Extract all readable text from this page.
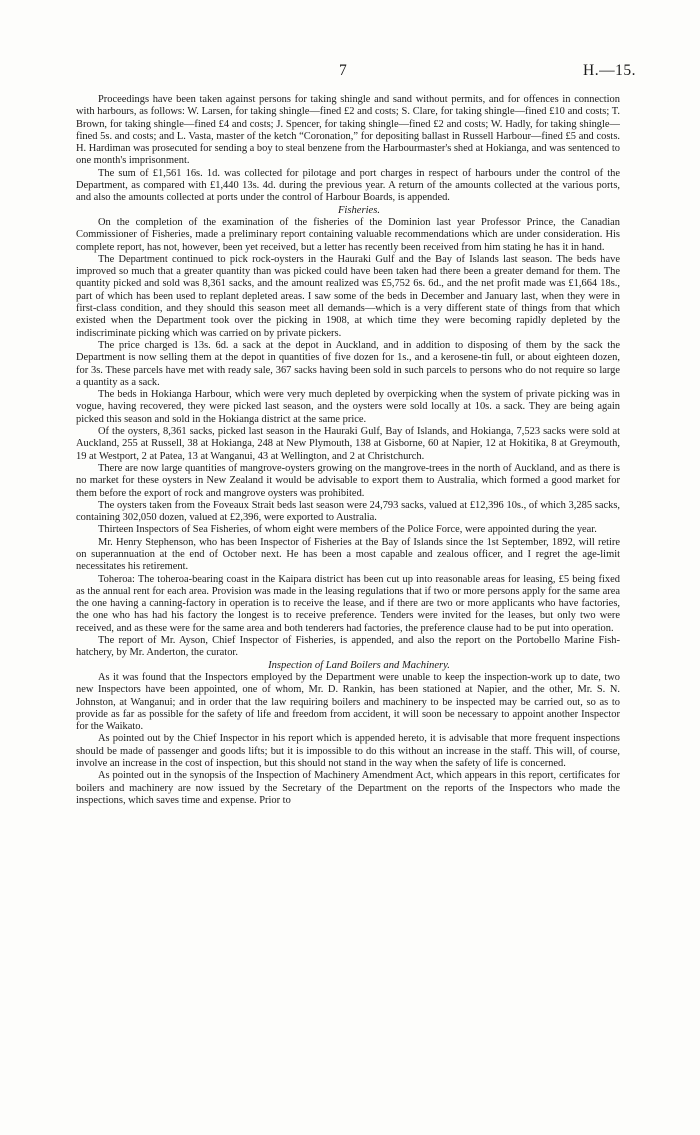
7	H.—15.

Proceedings have been taken against persons for taking shingle and sand without permits, and for offences in connection with harbours, as follows: W. Larsen, for taking shingle—fined £2 and costs; S. Clare, for taking shingle—fined £10 and costs; T. Brown, for taking shingle—fined £4 and costs; J. Spencer, for taking shingle—fined £2 and costs; W. Hadly, for taking shingle—fined 5s. and costs; and L. Vasta, master of the ketch “Coronation,” for depositing ballast in Russell Harbour—fined £5 and costs. H. Hardiman was prosecuted for sending a boy to steal benzene from the Harbourmaster's shed at Hokianga, and was sentenced to one month's imprisonment.

The sum of £1,561 16s. 1d. was collected for pilotage and port charges in respect of harbours under the control of the Department, as compared with £1,440 13s. 4d. during the previous year. A return of the amounts collected at the various ports, and also the amounts collected at ports under the control of Harbour Boards, is appended.

Fisheries.

On the completion of the examination of the fisheries of the Dominion last year Professor Prince, the Canadian Commissioner of Fisheries, made a preliminary report containing valuable recommendations which are under consideration. His complete report, has not, however, been yet received, but a letter has recently been received from him stating he has it in hand.

The Department continued to pick rock-oysters in the Hauraki Gulf and the Bay of Islands last season. The beds have improved so much that a greater quantity than was picked could have been taken had there been a greater demand for them. The quantity picked and sold was 8,361 sacks, and the amount realized was £5,752 6s. 6d., and the net profit made was £1,664 18s., part of which has been used to replant depleted areas. I saw some of the beds in December and January last, when they were in first-class condition, and they should this season meet all demands—which is a very different state of things from that which existed when the Department took over the picking in 1908, at which time they were becoming rapidly depleted by the indiscriminate picking which was carried on by private pickers.

The price charged is 13s. 6d. a sack at the depot in Auckland, and in addition to disposing of them by the sack the Department is now selling them at the depot in quantities of five dozen for 1s., and a kerosene-tin full, or about eighteen dozen, for 3s. These parcels have met with ready sale, 367 sacks having been sold in such parcels to persons who do not require so large a quantity as a sack.

The beds in Hokianga Harbour, which were very much depleted by overpicking when the system of private picking was in vogue, having recovered, they were picked last season, and the oysters were sold locally at 10s. a sack. They are being again picked this season and sold in the Hokianga district at the same price.

Of the oysters, 8,361 sacks, picked last season in the Hauraki Gulf, Bay of Islands, and Hokianga, 7,523 sacks were sold at Auckland, 255 at Russell, 38 at Hokianga, 248 at New Plymouth, 138 at Gisborne, 60 at Napier, 12 at Hokitika, 8 at Greymouth, 19 at Westport, 2 at Patea, 13 at Wanganui, 43 at Wellington, and 2 at Christchurch.

There are now large quantities of mangrove-oysters growing on the mangrove-trees in the north of Auckland, and as there is no market for these oysters in New Zealand it would be advisable to export them to Australia, which formed a good market for them before the export of rock and mangrove oysters was prohibited.

The oysters taken from the Foveaux Strait beds last season were 24,793 sacks, valued at £12,396 10s., of which 3,285 sacks, containing 302,050 dozen, valued at £2,396, were exported to Australia.

Thirteen Inspectors of Sea Fisheries, of whom eight were members of the Police Force, were appointed during the year.

Mr. Henry Stephenson, who has been Inspector of Fisheries at the Bay of Islands since the 1st September, 1892, will retire on superannuation at the end of October next. He has been a most capable and zealous officer, and I regret the age-limit necessitates his retirement.

Toheroa: The toheroa-bearing coast in the Kaipara district has been cut up into reasonable areas for leasing, £5 being fixed as the annual rent for each area. Provision was made in the leasing regulations that if two or more persons apply for the same area the one having a canning-factory in operation is to receive the lease, and if there are two or more applicants who have factories, the one who has had his factory the longest is to receive preference. Tenders were invited for the leases, but only two were received, and as these were for the same area and both tenderers had factories, the preference clause had to be put into operation.

The report of Mr. Ayson, Chief Inspector of Fisheries, is appended, and also the report on the Portobello Marine Fish-hatchery, by Mr. Anderton, the curator.

Inspection of Land Boilers and Machinery.

As it was found that the Inspectors employed by the Department were unable to keep the inspection-work up to date, two new Inspectors have been appointed, one of whom, Mr. D. Rankin, has been stationed at Napier, and the other, Mr. S. N. Johnston, at Wanganui; and in order that the law requiring boilers and machinery to be inspected may be carried out, so as to provide as far as possible for the safety of life and freedom from accident, it will soon be necessary to appoint another Inspector for the Waikato.

As pointed out by the Chief Inspector in his report which is appended hereto, it is advisable that more frequent inspections should be made of passenger and goods lifts; but it is impossible to do this without an increase in the staff. This will, of course, involve an increase in the cost of inspection, but this should not stand in the way when the safety of life is concerned.

As pointed out in the synopsis of the Inspection of Machinery Amendment Act, which appears in this report, certificates for boilers and machinery are now issued by the Secretary of the Department on the reports of the Inspectors who made the inspections, which saves time and expense. Prior to
